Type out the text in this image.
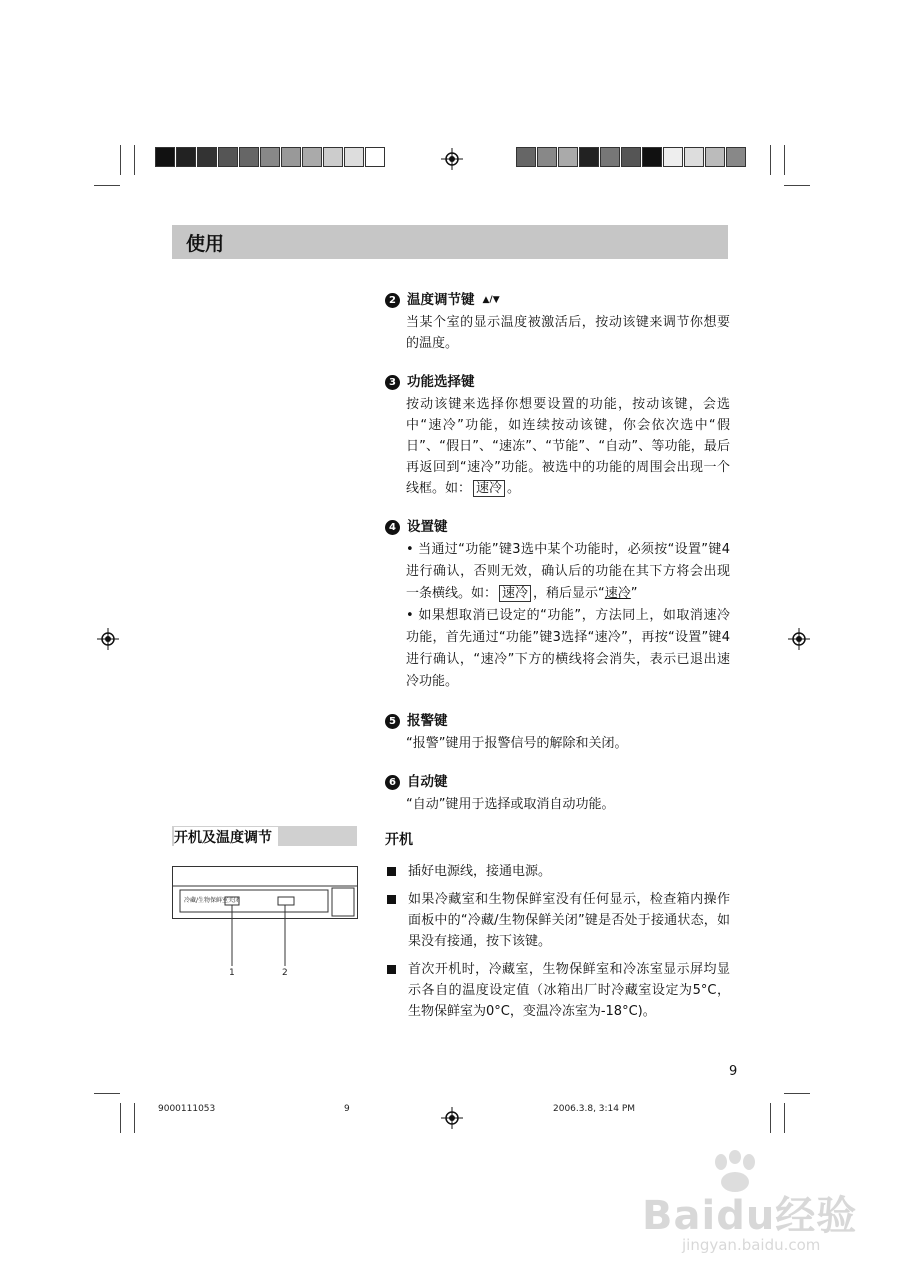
使用
2 温度调节键 ▲/▼
当某个室的显示温度被激活后，按动该键来调节你想要的温度。
3 功能选择键
按动该键来选择你想要设置的功能，按动该键，会选中“速冷”功能，如连续按动该键，你会依次选中“假日”、“假日”、“速冻”、“节能”、“自动”、等功能，最后再返回到“速冷”功能。被选中的功能的周围会出现一个线框。如： 速冷 。
4 设置键
• 当通过“功能”键3选中某个功能时，必须按“设置”键4进行确认，否则无效，确认后的功能在其下方将会出现一条横线。如： 速冷 ，稍后显示“速冷”
• 如果想取消已设定的“功能”，方法同上，如取消速冷功能，首先通过“功能”键3选择“速冷”，再按“设置”键4进行确认，“速冷”下方的横线将会消失，表示已退出速冷功能。
5 报警键
“报警”键用于报警信号的解除和关闭。
6 自动键
“自动”键用于选择或取消自动功能。
开机及温度调节
冷藏/生物保鲜室关闭
1	2
开机
插好电源线，接通电源。
如果冷藏室和生物保鲜室没有任何显示，检查箱内操作面板中的“冷藏/生物保鲜关闭”键是否处于接通状态，如果没有接通，按下该键。
首次开机时，冷藏室，生物保鲜室和冷冻室显示屏均显示各自的温度设定值（冰箱出厂时冷藏室设定为5°C，生物保鲜室为0°C，变温冷冻室为-18°C)。
9
9000111053	9	2006.3.8, 3:14 PM
Baidu经验
jingyan.baidu.com
